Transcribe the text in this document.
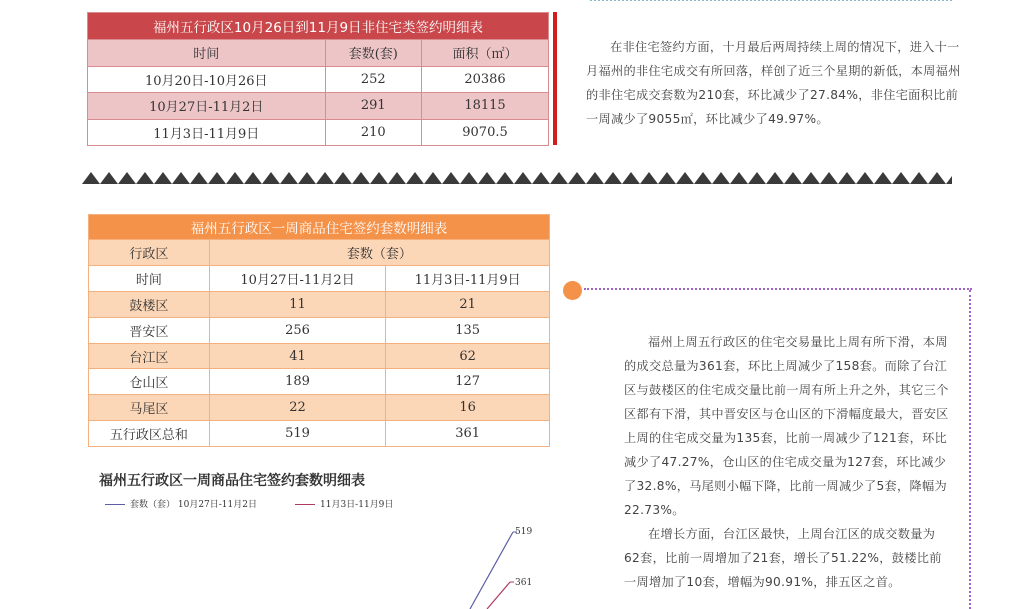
福州五行政区10月26日到11月9日非住宅类签约明细表		
时间	套数(套)	面积（㎡）
10月20日-10月26日	252	20386
10月27日-11月2日	291	18115
11月3日-11月9日	210	9070.5
在非住宅签约方面，十月最后两周持续上周的情况下，进入十一月福州的非住宅成交有所回落，样创了近三个星期的新低，本周福州的非住宅成交套数为210套，环比减少了27.84%，非住宅面积比前一周减少了9055㎡，环比减少了49.97%。
福州五行政区一周商品住宅签约套数明细表		
行政区	套数（套）	
时间	10月27日-11月2日	11月3日-11月9日
鼓楼区	11	21
晋安区	256	135
台江区	41	62
仓山区	189	127
马尾区	22	16
五行政区总和	519	361
福州五行政区一周商品住宅签约套数明细表
套数（套） 10月27日-11月2日	11月3日-11月9日
519
361

福州上周五行政区的住宅交易量比上周有所下滑，本周的成交总量为361套，环比上周减少了158套。而除了台江区与鼓楼区的住宅成交量比前一周有所上升之外，其它三个区都有下滑，其中晋安区与仓山区的下滑幅度最大，晋安区上周的住宅成交量为135套，比前一周减少了121套，环比减少了47.27%，仓山区的住宅成交量为127套，环比减少了32.8%，马尾则小幅下降，比前一周减少了5套，降幅为22.73%。

在增长方面，台江区最快，上周台江区的成交数量为62套，比前一周增加了21套，增长了51.22%，鼓楼比前一周增加了10套，增幅为90.91%，排五区之首。
